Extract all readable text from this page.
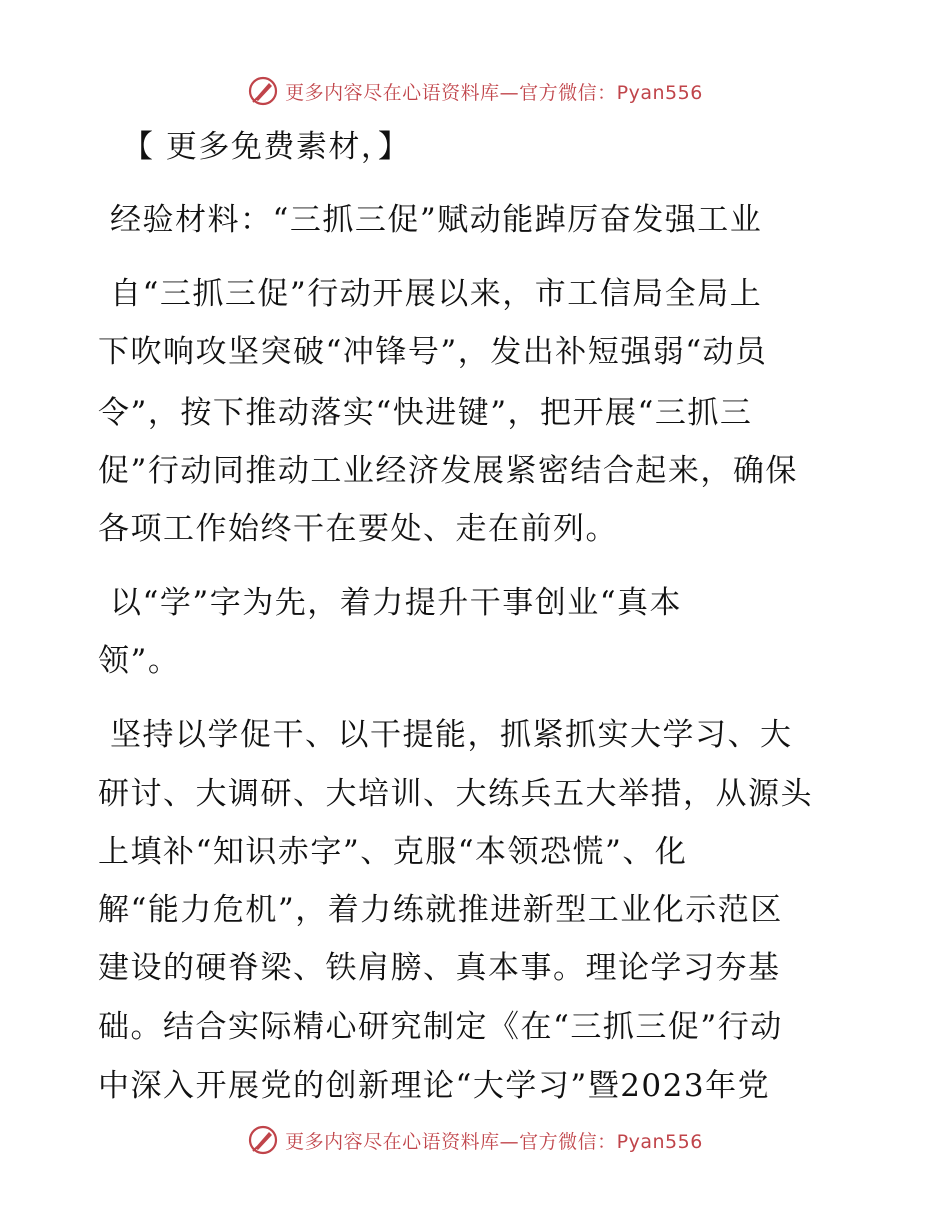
更多内容尽在心语资料库—官方微信：Pyan556
【 更多免费素材，】
经验材料：“三抓三促”赋动能踔厉奋发强工业
自“三抓三促”行动开展以来，市工信局全局上
下吹响攻坚突破“冲锋号”，发出补短强弱“动员
令”，按下推动落实“快进键”，把开展“三抓三
促”行动同推动工业经济发展紧密结合起来，确保
各项工作始终干在要处、走在前列。
以“学”字为先，着力提升干事创业“真本
领”。
坚持以学促干、以干提能，抓紧抓实大学习、大
研讨、大调研、大培训、大练兵五大举措，从源头
上填补“知识赤字”、克服“本领恐慌”、化
解“能力危机”，着力练就推进新型工业化示范区
建设的硬脊梁、铁肩膀、真本事。理论学习夯基
础。结合实际精心研究制定《在“三抓三促”行动
中深入开展党的创新理论“大学习”暨2023年党
更多内容尽在心语资料库—官方微信：Pyan556
